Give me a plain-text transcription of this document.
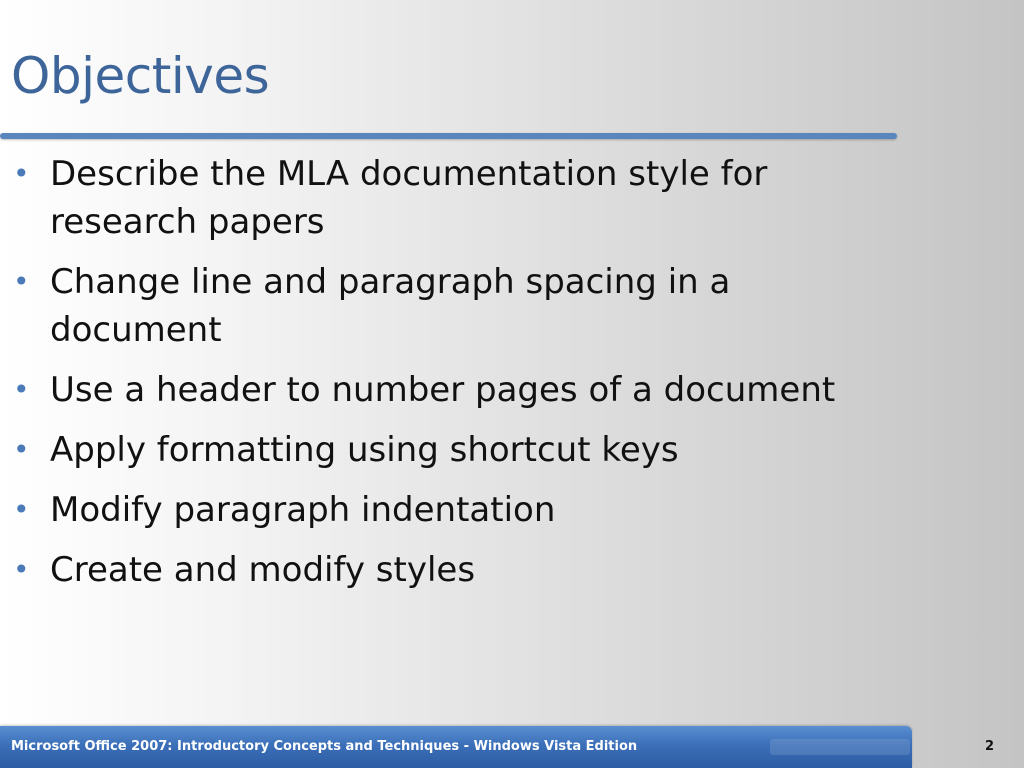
Objectives
• Describe the MLA documentation style for research papers
• Change line and paragraph spacing in a document
• Use a header to number pages of a document
• Apply formatting using shortcut keys
• Modify paragraph indentation
• Create and modify styles
Microsoft Office 2007: Introductory Concepts and Techniques - Windows Vista Edition	2
